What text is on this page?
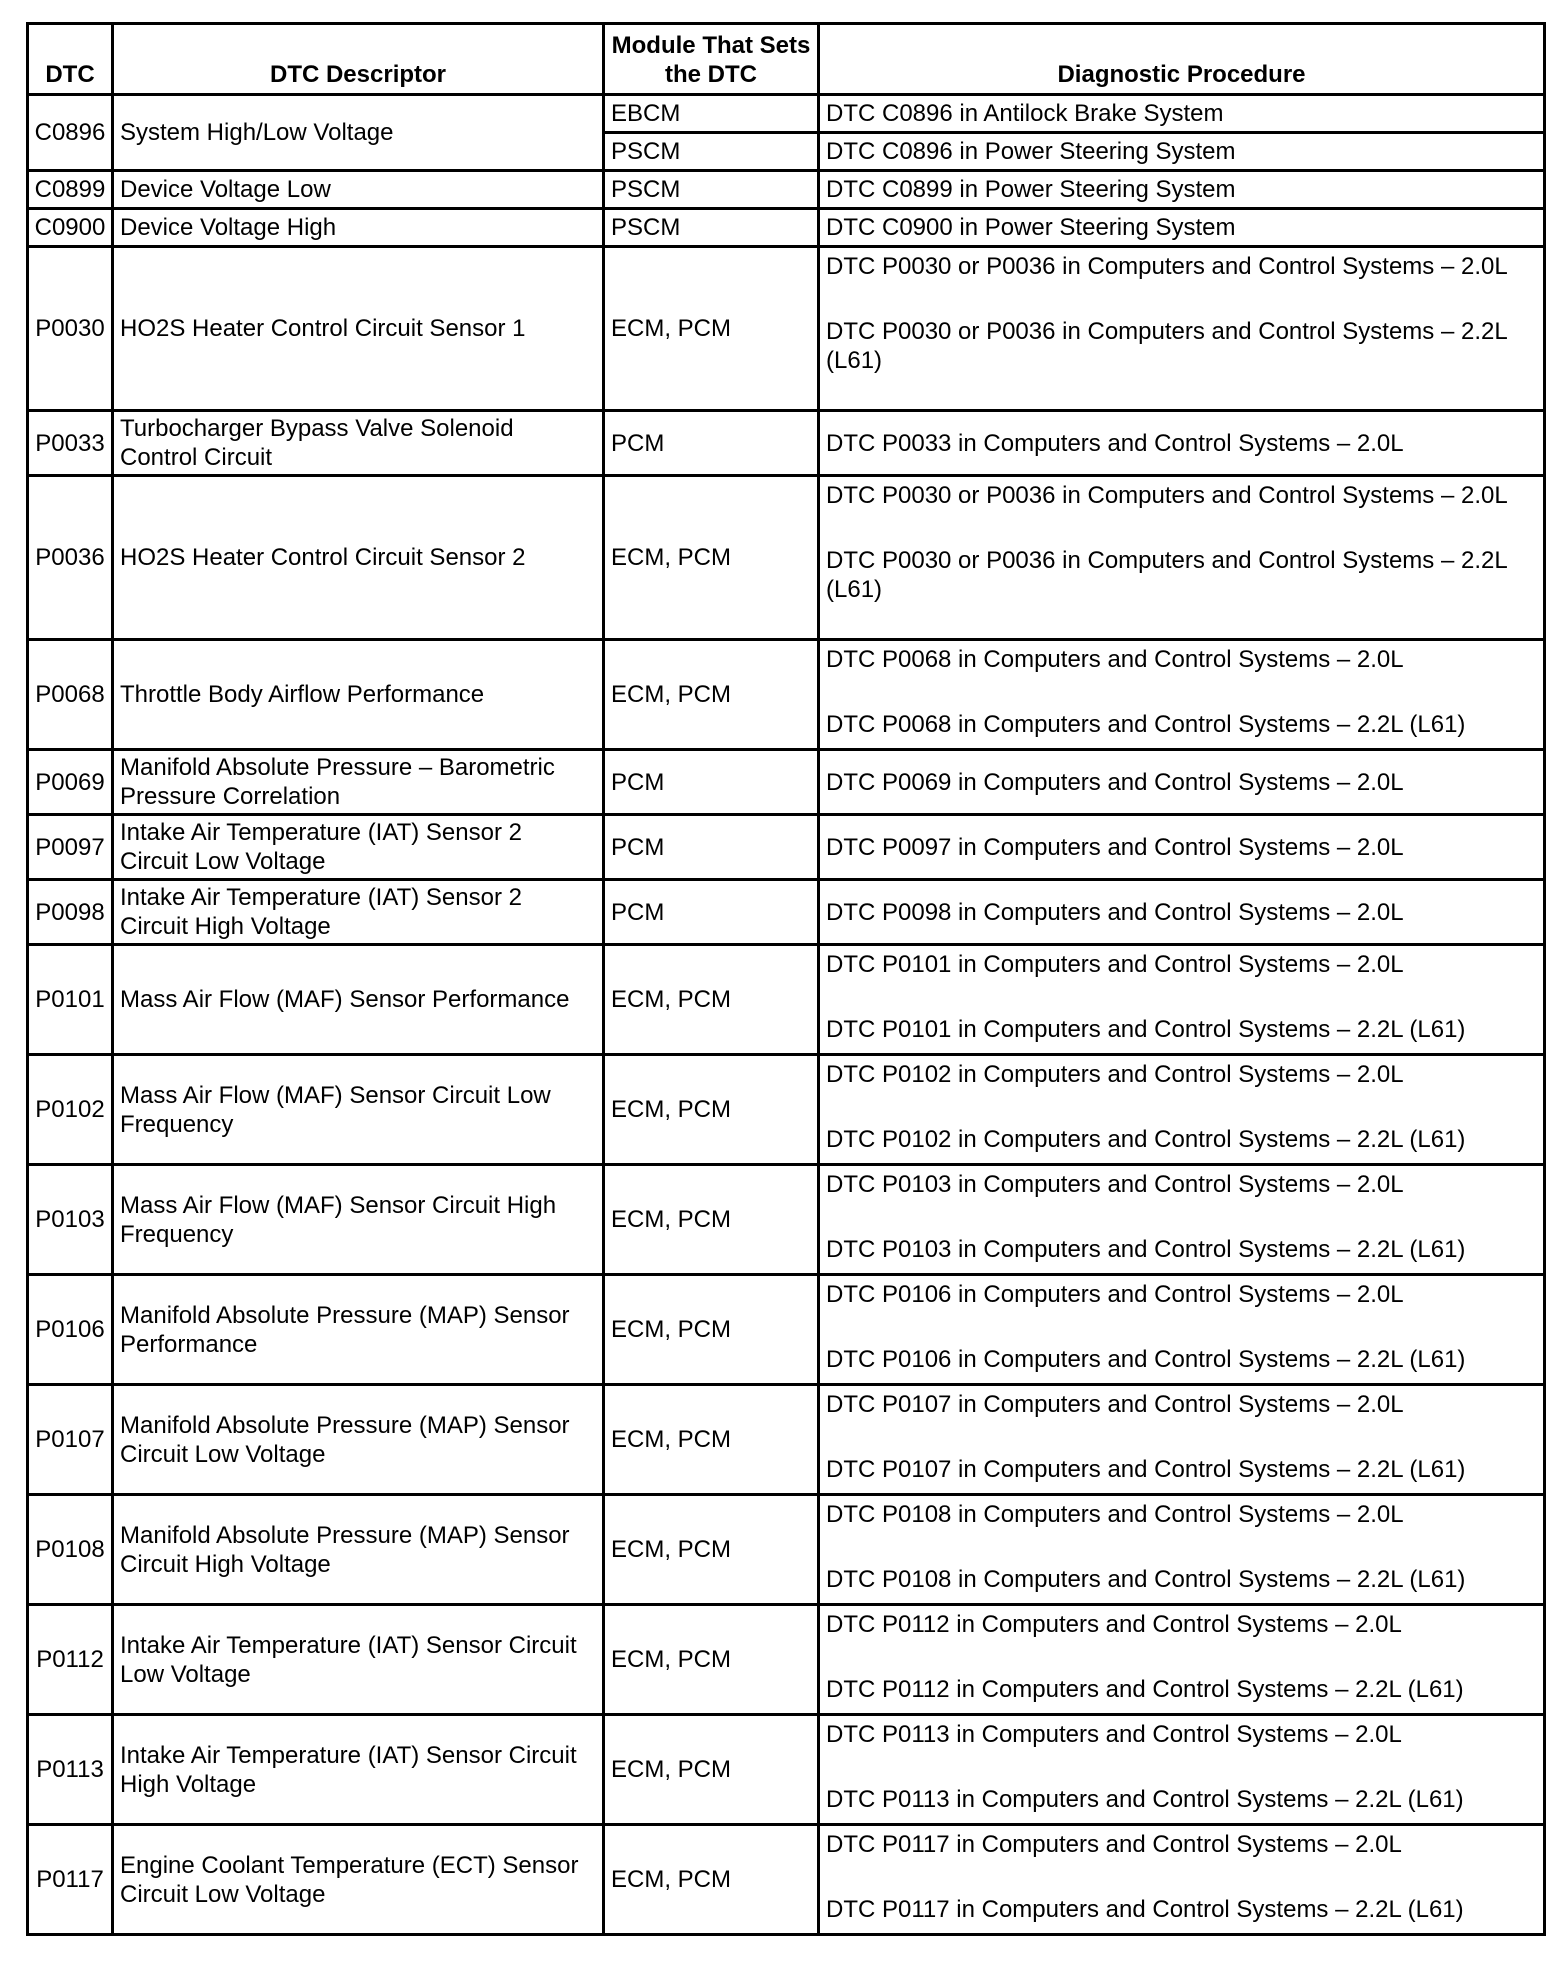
DTC	DTC Descriptor	Module That Sets the DTC	Diagnostic Procedure
C0896	System High/Low Voltage	EBCM	DTC C0896 in Antilock Brake System

		PSCM	DTC C0896 in Power Steering System

C0899	Device Voltage Low	PSCM	DTC C0899 in Power Steering System

C0900	Device Voltage High	PSCM	DTC C0900 in Power Steering System

P0030	HO2S Heater Control Circuit Sensor 1	ECM, PCM	DTC P0030 or P0036 in Computers and Control Systems – 2.0L
DTC P0030 or P0036 in Computers and Control Systems – 2.2L (L61)

P0033	Turbocharger Bypass Valve Solenoid Control Circuit	PCM	DTC P0033 in Computers and Control Systems – 2.0L

P0036	HO2S Heater Control Circuit Sensor 2	ECM, PCM	DTC P0030 or P0036 in Computers and Control Systems – 2.0L
DTC P0030 or P0036 in Computers and Control Systems – 2.2L (L61)

P0068	Throttle Body Airflow Performance	ECM, PCM	DTC P0068 in Computers and Control Systems – 2.0L
DTC P0068 in Computers and Control Systems – 2.2L (L61)

P0069	Manifold Absolute Pressure – Barometric Pressure Correlation	PCM	DTC P0069 in Computers and Control Systems – 2.0L

P0097	Intake Air Temperature (IAT) Sensor 2 Circuit Low Voltage	PCM	DTC P0097 in Computers and Control Systems – 2.0L

P0098	Intake Air Temperature (IAT) Sensor 2 Circuit High Voltage	PCM	DTC P0098 in Computers and Control Systems – 2.0L

P0101	Mass Air Flow (MAF) Sensor Performance	ECM, PCM	DTC P0101 in Computers and Control Systems – 2.0L
DTC P0101 in Computers and Control Systems – 2.2L (L61)

P0102	Mass Air Flow (MAF) Sensor Circuit Low Frequency	ECM, PCM	DTC P0102 in Computers and Control Systems – 2.0L
DTC P0102 in Computers and Control Systems – 2.2L (L61)

P0103	Mass Air Flow (MAF) Sensor Circuit High Frequency	ECM, PCM	DTC P0103 in Computers and Control Systems – 2.0L
DTC P0103 in Computers and Control Systems – 2.2L (L61)

P0106	Manifold Absolute Pressure (MAP) Sensor Performance	ECM, PCM	DTC P0106 in Computers and Control Systems – 2.0L
DTC P0106 in Computers and Control Systems – 2.2L (L61)

P0107	Manifold Absolute Pressure (MAP) Sensor Circuit Low Voltage	ECM, PCM	DTC P0107 in Computers and Control Systems – 2.0L
DTC P0107 in Computers and Control Systems – 2.2L (L61)

P0108	Manifold Absolute Pressure (MAP) Sensor Circuit High Voltage	ECM, PCM	DTC P0108 in Computers and Control Systems – 2.0L
DTC P0108 in Computers and Control Systems – 2.2L (L61)

P0112	Intake Air Temperature (IAT) Sensor Circuit Low Voltage	ECM, PCM	DTC P0112 in Computers and Control Systems – 2.0L
DTC P0112 in Computers and Control Systems – 2.2L (L61)

P0113	Intake Air Temperature (IAT) Sensor Circuit High Voltage	ECM, PCM	DTC P0113 in Computers and Control Systems – 2.0L
DTC P0113 in Computers and Control Systems – 2.2L (L61)

P0117	Engine Coolant Temperature (ECT) Sensor Circuit Low Voltage	ECM, PCM	DTC P0117 in Computers and Control Systems – 2.0L
DTC P0117 in Computers and Control Systems – 2.2L (L61)
